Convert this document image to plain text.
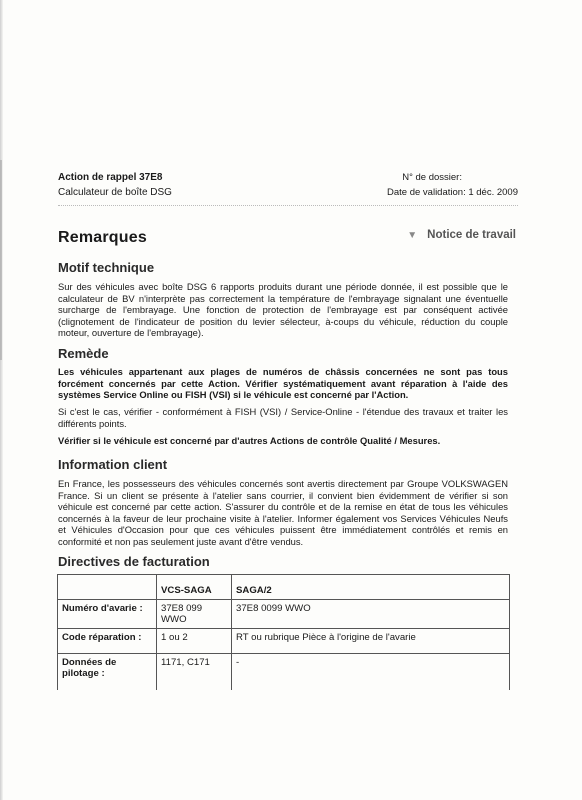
Action de rappel 37E8
Calculateur de boîte DSG
N° de dossier:
Date de validation: 1 déc. 2009
Remarques	▼ Notice de travail
Motif technique

Sur des véhicules avec boîte DSG 6 rapports produits durant une période donnée, il est possible que le calculateur de BV n'interprète pas correctement la température de l'embrayage signalant une éventuelle surcharge de l'embrayage. Une fonction de protection de l'embrayage est par conséquent activée (clignotement de l'indicateur de position du levier sélecteur, à-coups du véhicule, réduction du couple moteur, ouverture de l'embrayage).

Remède

Les véhicules appartenant aux plages de numéros de châssis concernées ne sont pas tous forcément concernés par cette Action. Vérifier systématiquement avant réparation à l'aide des systèmes Service Online ou FISH (VSI) si le véhicule est concerné par l'Action.

Si c'est le cas, vérifier - conformément à FISH (VSI) / Service-Online - l'étendue des travaux et traiter les différents points.

Vérifier si le véhicule est concerné par d'autres Actions de contrôle Qualité / Mesures.

Information client

En France, les possesseurs des véhicules concernés sont avertis directement par Groupe VOLKSWAGEN France. Si un client se présente à l'atelier sans courrier, il convient bien évidemment de vérifier si son véhicule est concerné par cette action. S'assurer du contrôle et de la remise en état de tous les véhicules concernés à la faveur de leur prochaine visite à l'atelier. Informer également vos Services Véhicules Neufs et Véhicules d'Occasion pour que ces véhicules puissent être immédiatement contrôlés et remis en conformité et non pas seulement juste avant d'être vendus.

Directives de facturation
	VCS-SAGA	SAGA/2
Numéro d'avarie :	37E8 099 WWO	37E8 0099 WWO
Code réparation :	1 ou 2	RT ou rubrique Pièce à l'origine de l'avarie
Données de pilotage :	1171, C171	-
